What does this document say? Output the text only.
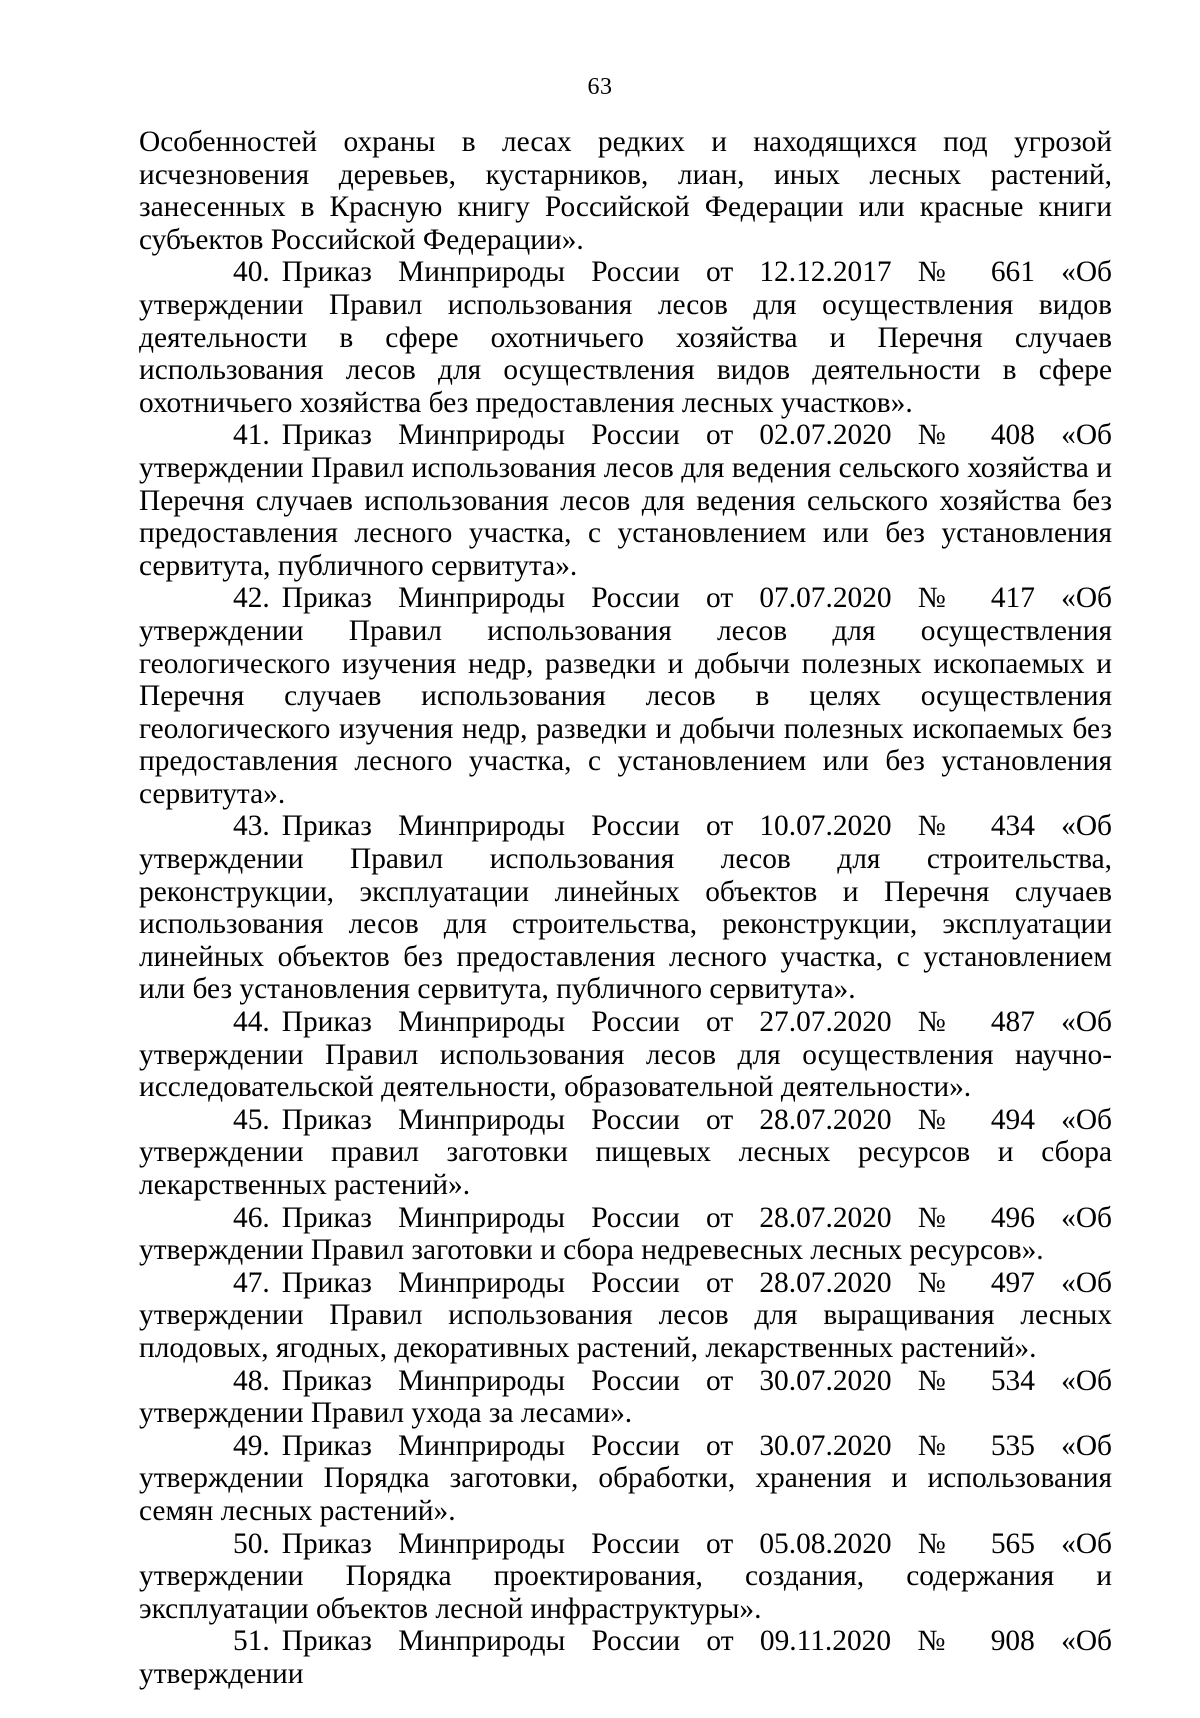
63

Особенностей охраны в лесах редких и находящихся под угрозой исчезновения деревьев, кустарников, лиан, иных лесных растений, занесенных в Красную книгу Российской Федерации или красные книги субъектов Российской Федерации».

40. Приказ Минприроды России от 12.12.2017 № 661 «Об утверждении Правил использования лесов для осуществления видов деятельности в сфере охотничьего хозяйства и Перечня случаев использования лесов для осуществления видов деятельности в сфере охотничьего хозяйства без предоставления лесных участков».

41. Приказ Минприроды России от 02.07.2020 № 408 «Об утверждении Правил использования лесов для ведения сельского хозяйства и Перечня случаев использования лесов для ведения сельского хозяйства без предоставления лесного участка, с установлением или без установления сервитута, публичного сервитута».

42. Приказ Минприроды России от 07.07.2020 № 417 «Об утверждении Правил использования лесов для осуществления геологического изучения недр, разведки и добычи полезных ископаемых и Перечня случаев использования лесов в целях осуществления геологического изучения недр, разведки и добычи полезных ископаемых без предоставления лесного участка, с установлением или без установления сервитута».

43. Приказ Минприроды России от 10.07.2020 № 434 «Об утверждении Правил использования лесов для строительства, реконструкции, эксплуатации линейных объектов и Перечня случаев использования лесов для строительства, реконструкции, эксплуатации линейных объектов без предоставления лесного участка, с установлением или без установления сервитута, публичного сервитута».

44. Приказ Минприроды России от 27.07.2020 № 487 «Об утверждении Правил использования лесов для осуществления научно-исследовательской деятельности, образовательной деятельности».

45. Приказ Минприроды России от 28.07.2020 № 494 «Об утверждении правил заготовки пищевых лесных ресурсов и сбора лекарственных растений».

46. Приказ Минприроды России от 28.07.2020 № 496 «Об утверждении Правил заготовки и сбора недревесных лесных ресурсов».

47. Приказ Минприроды России от 28.07.2020 № 497 «Об утверждении Правил использования лесов для выращивания лесных плодовых, ягодных, декоративных растений, лекарственных растений».

48. Приказ Минприроды России от 30.07.2020 № 534 «Об утверждении Правил ухода за лесами».

49. Приказ Минприроды России от 30.07.2020 № 535 «Об утверждении Порядка заготовки, обработки, хранения и использования семян лесных растений».

50. Приказ Минприроды России от 05.08.2020 № 565 «Об утверждении Порядка проектирования, создания, содержания и эксплуатации объектов лесной инфраструктуры».

51. Приказ Минприроды России от 09.11.2020 № 908 «Об утверждении
